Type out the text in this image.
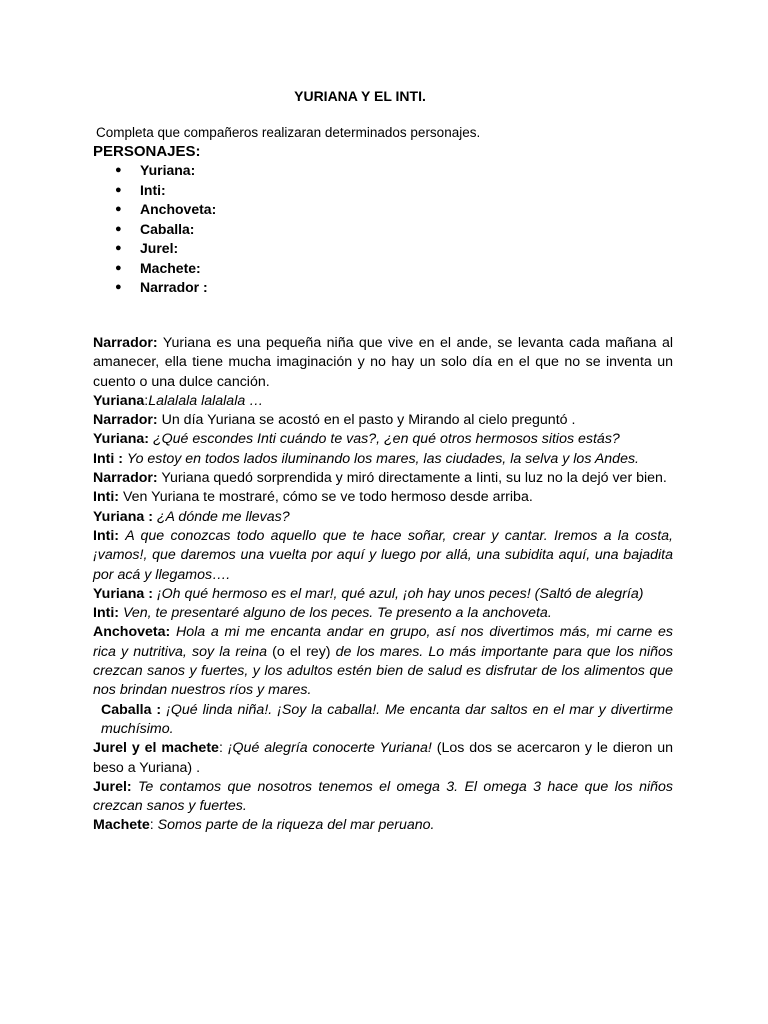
YURIANA Y EL INTI.
Completa que compañeros realizaran determinados personajes.
PERSONAJES:
● Yuriana:
● Inti:
● Anchoveta:
● Caballa:
● Jurel:
● Machete:
● Narrador :

Narrador: Yuriana es una pequeña niña que vive en el ande, se levanta cada mañana al amanecer, ella tiene mucha imaginación y no hay un solo día en el que no se inventa un cuento o una dulce canción.

Yuriana:Lalalala lalalala …

Narrador: Un día Yuriana se acostó en el pasto y Mirando al cielo preguntó .

Yuriana: ¿Qué escondes Inti cuándo te vas?, ¿en qué otros hermosos sitios estás?

Inti : Yo estoy en todos lados iluminando los mares, las ciudades, la selva y los Andes.

Narrador: Yuriana quedó sorprendida y miró directamente a Iinti, su luz no la dejó ver bien.

Inti: Ven Yuriana te mostraré, cómo se ve todo hermoso desde arriba.

Yuriana : ¿A dónde me llevas?

Inti: A que conozcas todo aquello que te hace soñar, crear y cantar. Iremos a la costa, ¡vamos!, que daremos una vuelta por aquí y luego por allá, una subidita aquí, una bajadita por acá y llegamos….

Yuriana : ¡Oh qué hermoso es el mar!, qué azul, ¡oh hay unos peces! (Saltó de alegría)

Inti: Ven, te presentaré alguno de los peces. Te presento a la anchoveta.

Anchoveta: Hola a mi me encanta andar en grupo, así nos divertimos más, mi carne es rica y nutritiva, soy la reina (o el rey) de los mares. Lo más importante para que los niños crezcan sanos y fuertes, y los adultos estén bien de salud es disfrutar de los alimentos que nos brindan nuestros ríos y mares.

Caballa : ¡Qué linda niña!. ¡Soy la caballa!. Me encanta dar saltos en el mar y divertirme muchísimo.

Jurel y el machete: ¡Qué alegría conocerte Yuriana! (Los dos se acercaron y le dieron un beso a Yuriana) .

Jurel: Te contamos que nosotros tenemos el omega 3. El omega 3 hace que los niños crezcan sanos y fuertes.

Machete: Somos parte de la riqueza del mar peruano.
